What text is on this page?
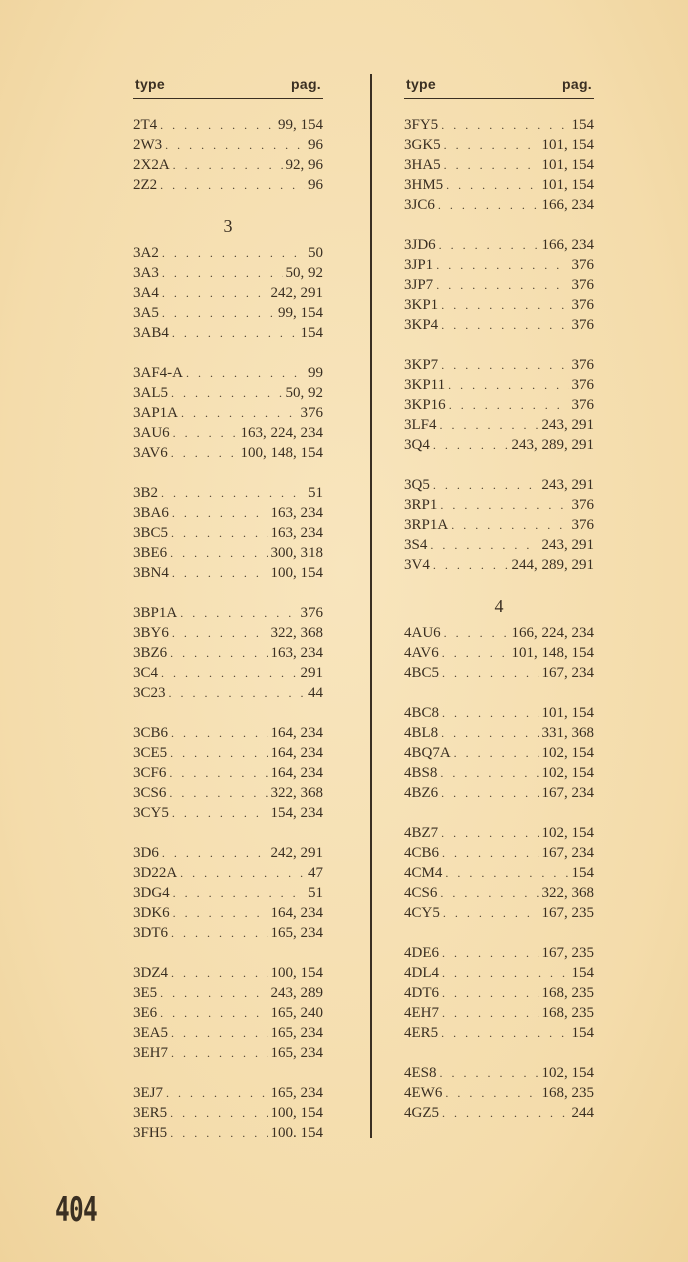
type	pag.
2T4 . . .	99, 154
2W3 . . .	96
2X2A . . .	92, 96
2Z2 . . .	96
3
3A2 . . .	50
3A3 . . .	50, 92
3A4 . . .	242, 291
3A5 . . .	99, 154
3AB4 . . .	154
3AF4-A . . .	99
3AL5 . . .	50, 92
3AP1A . . .	376
3AU6 . . .	163, 224, 234
3AV6 . . .	100, 148, 154
3B2 . . .	51
3BA6 . . .	163, 234
3BC5 . . .	163, 234
3BE6 . . .	300, 318
3BN4 . . .	100, 154
3BP1A . . .	376
3BY6 . . .	322, 368
3BZ6 . . .	163, 234
3C4 . . .	291
3C23 . . .	44
3CB6 . . .	164, 234
3CE5 . . .	164, 234
3CF6 . . .	164, 234
3CS6 . . .	322, 368
3CY5 . . .	154, 234
3D6 . . .	242, 291
3D22A . . .	47
3DG4 . . .	51
3DK6 . . .	164, 234
3DT6 . . .	165, 234
3DZ4 . . .	100, 154
3E5 . . .	243, 289
3E6 . . .	165, 240
3EA5 . . .	165, 234
3EH7 . . .	165, 234
3EJ7 . . .	165, 234
3ER5 . . .	100, 154
3FH5 . . .	100. 154
type	pag.
3FY5 . . .	154
3GK5 . . .	101, 154
3HA5 . . .	101, 154
3HM5 . . .	101, 154
3JC6 . . .	166, 234
3JD6 . . .	166, 234
3JP1 . . .	376
3JP7 . . .	376
3KP1 . . .	376
3KP4 . . .	376
3KP7 . . .	376
3KP11 . . .	376
3KP16 . . .	376
3LF4 . . .	243, 291
3Q4 . . .	243, 289, 291
3Q5 . . .	243, 291
3RP1 . . .	376
3RP1A . . .	376
3S4 . . .	243, 291
3V4 . . .	244, 289, 291
4
4AU6 . . .	166, 224, 234
4AV6 . . .	101, 148, 154
4BC5 . . .	167, 234
4BC8 . . .	101, 154
4BL8 . . .	331, 368
4BQ7A . . .	102, 154
4BS8 . . .	102, 154
4BZ6 . . .	167, 234
4BZ7 . . .	102, 154
4CB6 . . .	167, 234
4CM4 . . .	154
4CS6 . . .	322, 368
4CY5 . . .	167, 235
4DE6 . . .	167, 235
4DL4 . . .	154
4DT6 . . .	168, 235
4EH7 . . .	168, 235
4ER5 . . .	154
4ES8 . . .	102, 154
4EW6 . . .	168, 235
4GZ5 . . .	244
404
